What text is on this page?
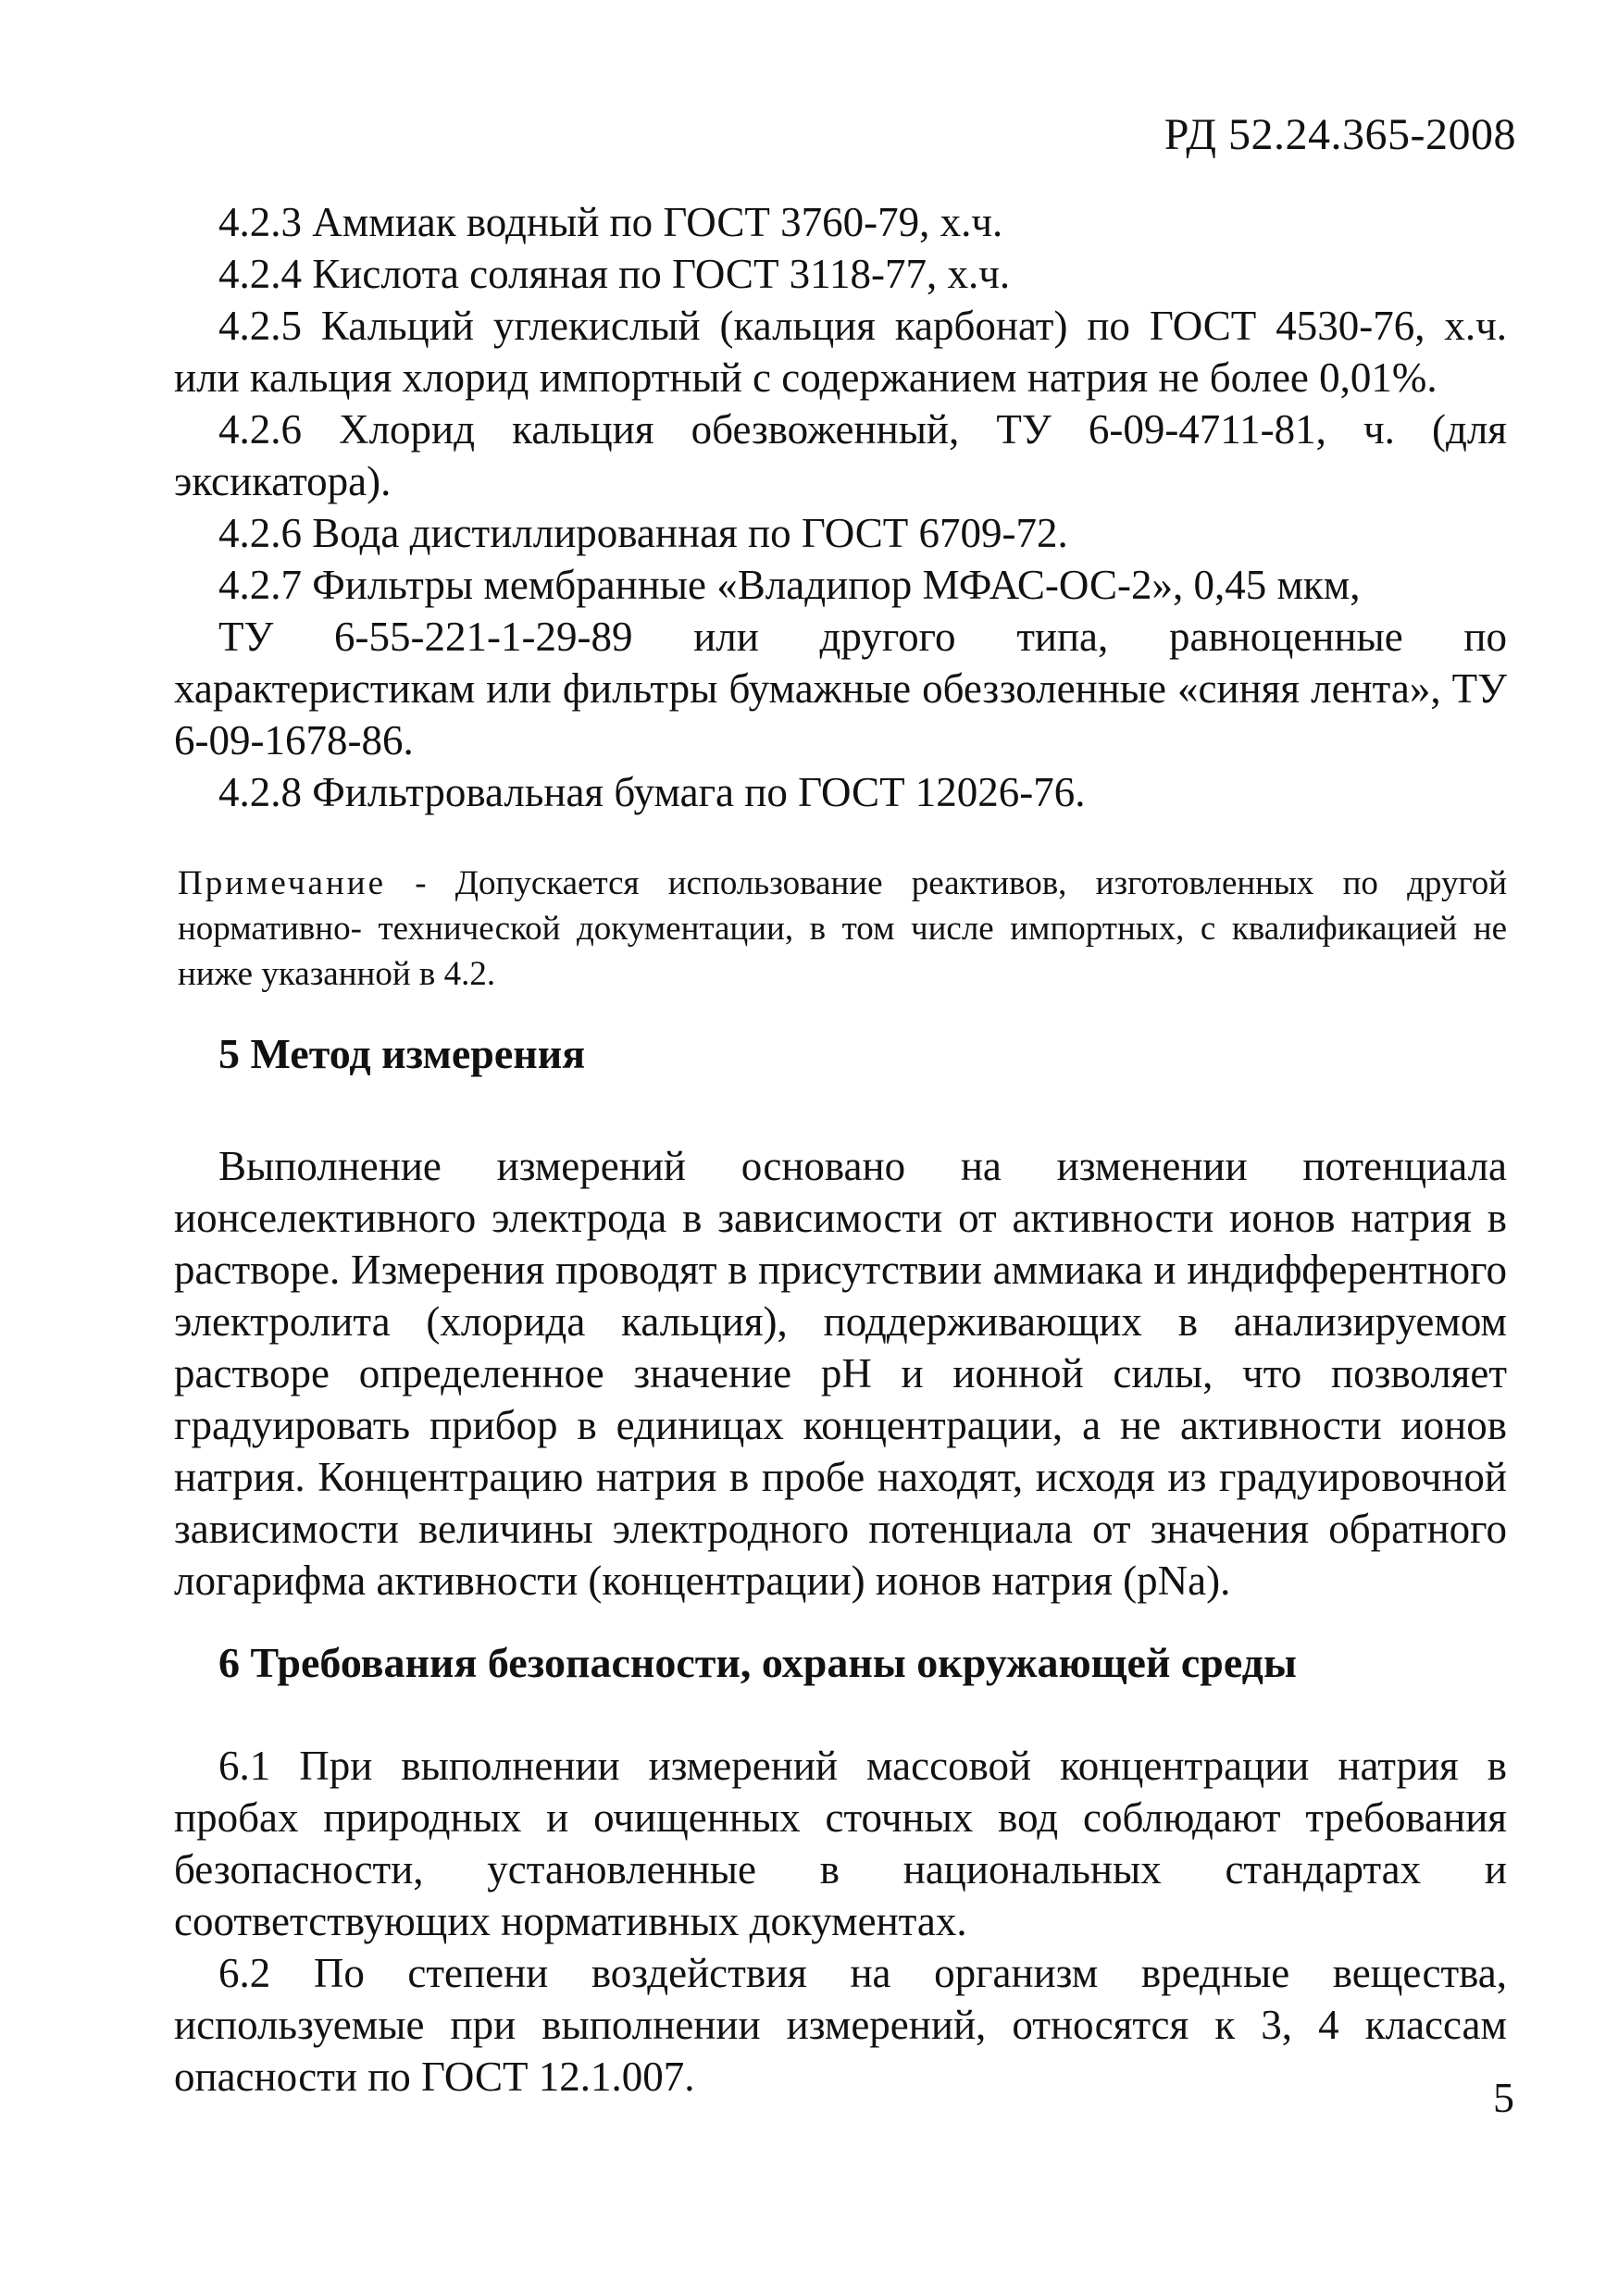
РД 52.24.365-2008

4.2.3 Аммиак водный по ГОСТ 3760-79, х.ч.

4.2.4 Кислота соляная по ГОСТ 3118-77, х.ч.

4.2.5 Кальций углекислый (кальция карбонат) по ГОСТ 4530-76, х.ч. или кальция хлорид импортный с содержанием натрия не более 0,01%.

4.2.6 Хлорид кальция обезвоженный, ТУ 6-09-4711-81, ч. (для эксикатора).

4.2.6 Вода дистиллированная по ГОСТ 6709-72.

4.2.7 Фильтры мембранные «Владипор МФАС-ОС-2», 0,45 мкм,

ТУ 6-55-221-1-29-89 или другого типа, равноценные по характеристикам или фильтры бумажные обеззоленные «синяя лента», ТУ 6-09-1678-86.

4.2.8 Фильтровальная бумага по ГОСТ 12026-76.

Примечание - Допускается использование реактивов, изготовленных по другой нормативно- технической документации, в том числе импортных, с квалификацией не ниже указанной в 4.2.
5 Метод измерения

Выполнение измерений основано на изменении потенциала ионселективного электрода в зависимости от активности ионов натрия в растворе. Измерения проводят в присутствии аммиака и индифферентного электролита (хлорида кальция), поддерживающих в анализируемом растворе определенное значение pH и ионной силы, что позволяет градуировать прибор в единицах концентрации, а не активности ионов натрия. Концентрацию натрия в пробе находят, исходя из градуировочной зависимости величины электродного потенциала от значения обратного логарифма активности (концентрации) ионов натрия (pNa).

6 Требования безопасности, охраны окружающей среды

6.1 При выполнении измерений массовой концентрации натрия в пробах природных и очищенных сточных вод соблюдают требования безопасности, установленные в национальных стандартах и соответствующих нормативных документах.

6.2 По степени воздействия на организм вредные вещества, используемые при выполнении измерений, относятся к 3, 4 классам опасности по ГОСТ 12.1.007.	5
